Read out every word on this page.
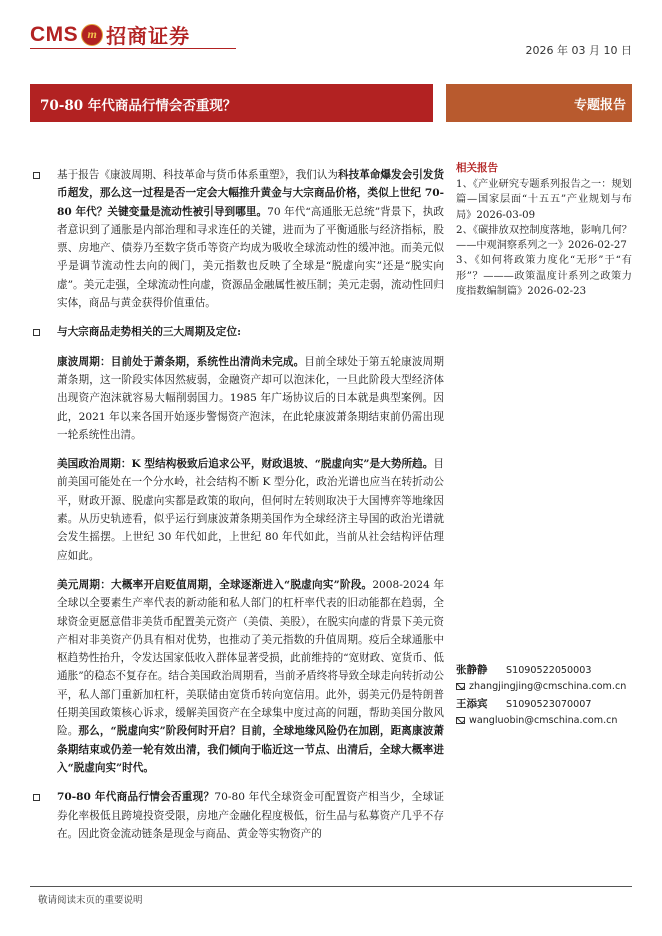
CMS m 招商证券
2026 年 03 月 10 日
70-80 年代商品行情会否重现？	专题报告
基于报告《康波周期、科技革命与货币体系重塑》，我们认为科技革命爆发会引发货币超发，那么这一过程是否一定会大幅推升黄金与大宗商品价格，类似上世纪 70-80 年代？关键变量是流动性被引导到哪里。70 年代“高通胀无总统”背景下，执政者意识到了通胀是内部治理和寻求连任的关键，进而为了平衡通胀与经济指标，股票、房地产、债券乃至数字货币等资产均成为吸收全球流动性的缓冲池。而美元似乎是调节流动性去向的阀门，美元指数也反映了全球是“脱虚向实”还是“脱实向虚”。美元走强，全球流动性向虚，资源品金融属性被压制；美元走弱，流动性回归实体，商品与黄金获得价值重估。
与大宗商品走势相关的三大周期及定位:
康波周期：目前处于萧条期，系统性出清尚未完成。目前全球处于第五轮康波周期萧条期，这一阶段实体因然疲弱，金融资产却可以泡沫化，一旦此阶段大型经济体出现资产泡沫就容易大幅削弱国力。1985 年广场协议后的日本就是典型案例。因此，2021 年以来各国开始逐步警惕资产泡沫，在此轮康波萧条期结束前仍需出现一轮系统性出清。
美国政治周期：K 型结构极致后追求公平，财政退坡、“脱虚向实”是大势所趋。目前美国可能处在一个分水岭，社会结构不断 K 型分化，政治光谱也应当在转折动公平，财政开源、脱虚向实都是政策的取向，但何时左转则取决于大国博弈等地缘因素。从历史轨迹看，似乎运行到康波萧条期美国作为全球经济主导国的政治光谱就会发生摇摆。上世纪 30 年代如此，上世纪 80 年代如此，当前从社会结构评估理应如此。
美元周期：大概率开启贬值周期，全球逐渐进入“脱虚向实”阶段。2008-2024 年全球以全要素生产率代表的新动能和私人部门的杠杆率代表的旧动能都在趋弱，全球资金更愿意借非美货币配置美元资产（美债、美股），在脱实向虚的背景下美元资产相对非美资产仍具有相对优势，也推动了美元指数的升值周期。疫后全球通胀中枢趋势性抬升，令发达国家低收入群体显著受损，此前维持的“宽财政、宽货币、低通胀”的稳态不复存在。结合美国政治周期看，当前矛盾终将导致全球走向转折动公平，私人部门重新加杠杆，美联储由宽货币转向宽信用。此外，弱美元仍是特朗普任期美国政策核心诉求，缓解美国资产在全球集中度过高的问题，帮助美国分散风险。那么，“脱虚向实”阶段何时开启？目前，全球地缘风险仍在加剧，距离康波萧条期结束或仍差一轮有效出清，我们倾向于临近这一节点、出清后，全球大概率进入“脱虚向实”时代。
70-80 年代商品行情会否重现？70-80 年代全球资金可配置资产相当少，全球证券化率极低且跨境投资受限，房地产金融化程度极低，衍生品与私募资产几乎不存在。因此资金流动链条是现金与商品、黄金等实物资产的
相关报告
1、《产业研究专题系列报告之一：规划篇—国家层面“十五五”产业规划与布局》2026-03-09
2、《碳排放双控制度落地，影响几何？——中观洞察系列之一》2026-02-27
3、《如何将政策力度化“无形”于“有形”？———政策温度计系列之政策力度指数编制篇》2026-02-23
张静静 S1090522050003
zhangjingjing@cmschina.com.cn
王添宾 S1090523070007
wangluobin@cmschina.com.cn
敬请阅读末页的重要说明
